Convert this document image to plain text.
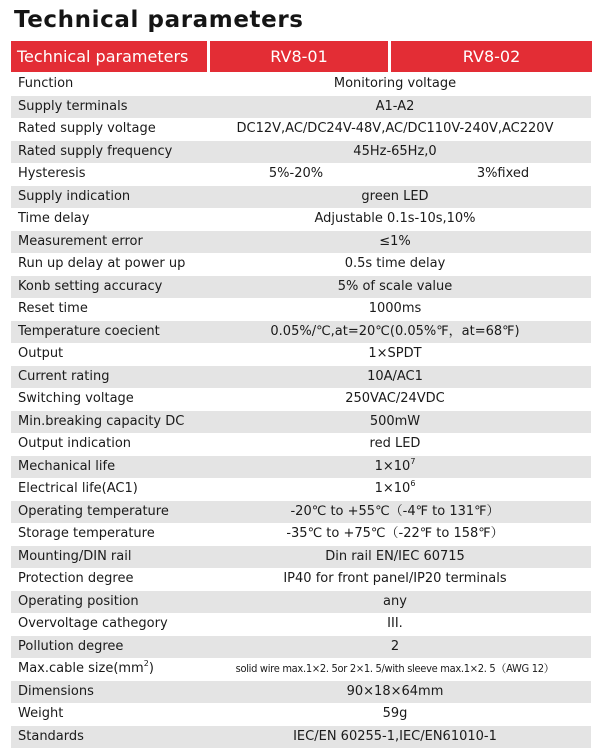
Technical parameters
Technical parameters	RV8-01	RV8-02
Function	Monitoring voltage
Supply terminals	A1-A2
Rated supply voltage	DC12V,AC/DC24V-48V,AC/DC110V-240V,AC220V
Rated supply frequency	45Hz-65Hz,0
Hysteresis	5%-20%	3%fixed
Supply indication	green LED
Time delay	Adjustable 0.1s-10s,10%
Measurement error	≤1%
Run up delay at power up	0.5s time delay
Konb setting accuracy	5% of scale value
Reset time	1000ms
Temperature coecient	0.05%/℃,at=20℃(0.05%℉，at=68℉)
Output	1×SPDT
Current rating	10A/AC1
Switching voltage	250VAC/24VDC
Min.breaking capacity DC	500mW
Output indication	red LED
Mechanical life	$1\times 10^7$
Electrical life(AC1)	$1\times 10^6$
Operating temperature	-20℃ to +55℃（-4℉ to 131℉）
Storage temperature	-35℃ to +75℃（-22℉ to 158℉）
Mounting/DIN rail	Din rail EN/IEC 60715
Protection degree	IP40 for front panel/IP20 terminals
Operating position	any
Overvoltage cathegory	III.
Pollution degree	2
Max.cable $size(mm^2)$	solid wire max.1×2. 5or 2×1. 5/with sleeve max.1×2. 5（AWG 12）
Dimensions	90×18×64mm
Weight	59g
Standards	IEC/EN 60255-1,IEC/EN61010-1
